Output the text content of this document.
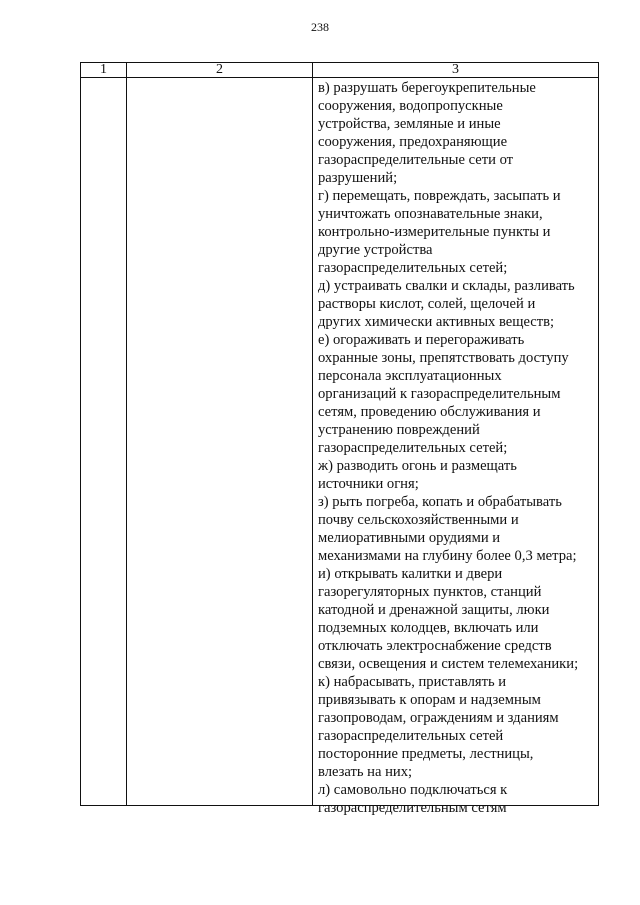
238
1	2	3
в) разрушать берегоукрепительные
сооружения, водопропускные
устройства, земляные и иные
сооружения, предохраняющие
газораспределительные сети от
разрушений;
г) перемещать, повреждать, засыпать и
уничтожать опознавательные знаки,
контрольно-измерительные пункты и
другие устройства
газораспределительных сетей;
д) устраивать свалки и склады, разливать
растворы кислот, солей, щелочей и
других химически активных веществ;
е) огораживать и перегораживать
охранные зоны, препятствовать доступу
персонала эксплуатационных
организаций к газораспределительным
сетям, проведению обслуживания и
устранению повреждений
газораспределительных сетей;
ж) разводить огонь и размещать
источники огня;
з) рыть погреба, копать и обрабатывать
почву сельскохозяйственными и
мелиоративными орудиями и
механизмами на глубину более 0,3 метра;
и) открывать калитки и двери
газорегуляторных пунктов, станций
катодной и дренажной защиты, люки
подземных колодцев, включать или
отключать электроснабжение средств
связи, освещения и систем телемеханики;
к) набрасывать, приставлять и
привязывать к опорам и надземным
газопроводам, ограждениям и зданиям
газораспределительных сетей
посторонние предметы, лестницы,
влезать на них;
л) самовольно подключаться к
газораспределительным сетям
